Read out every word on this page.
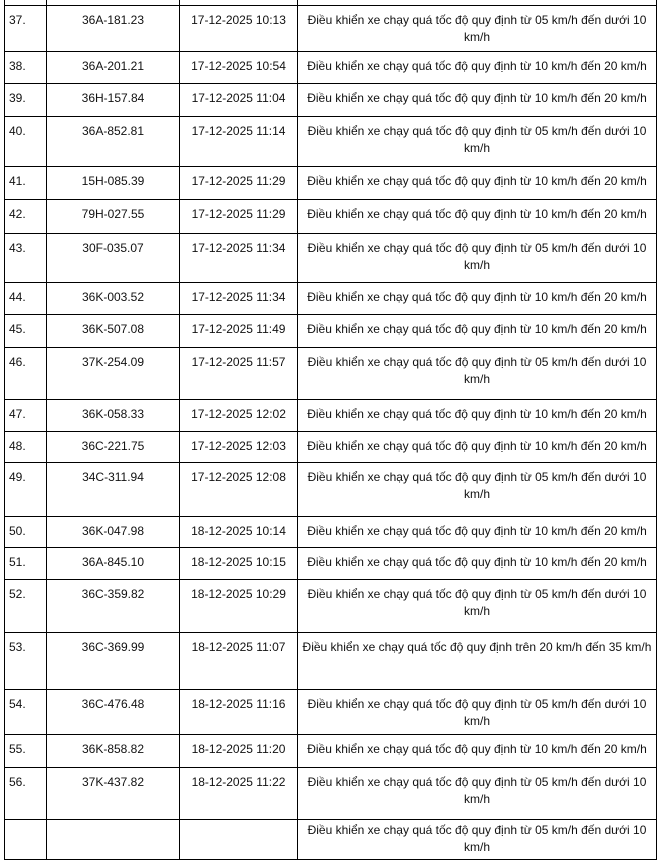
37.	36A-181.23	17-12-2025 10:13	Điều khiển xe chạy quá tốc độ quy định từ 05 km/h đến dưới 10 km/h
38.	36A-201.21	17-12-2025 10:54	Điều khiển xe chạy quá tốc độ quy định từ 10 km/h đến 20 km/h
39.	36H-157.84	17-12-2025 11:04	Điều khiển xe chạy quá tốc độ quy định từ 10 km/h đến 20 km/h
40.	36A-852.81	17-12-2025 11:14	Điều khiển xe chạy quá tốc độ quy định từ 05 km/h đến dưới 10 km/h
41.	15H-085.39	17-12-2025 11:29	Điều khiển xe chạy quá tốc độ quy định từ 10 km/h đến 20 km/h
42.	79H-027.55	17-12-2025 11:29	Điều khiển xe chạy quá tốc độ quy định từ 10 km/h đến 20 km/h
43.	30F-035.07	17-12-2025 11:34	Điều khiển xe chạy quá tốc độ quy định từ 05 km/h đến dưới 10 km/h
44.	36K-003.52	17-12-2025 11:34	Điều khiển xe chạy quá tốc độ quy định từ 10 km/h đến 20 km/h
45.	36K-507.08	17-12-2025 11:49	Điều khiển xe chạy quá tốc độ quy định từ 10 km/h đến 20 km/h
46.	37K-254.09	17-12-2025 11:57	Điều khiển xe chạy quá tốc độ quy định từ 05 km/h đến dưới 10 km/h
47.	36K-058.33	17-12-2025 12:02	Điều khiển xe chạy quá tốc độ quy định từ 10 km/h đến 20 km/h
48.	36C-221.75	17-12-2025 12:03	Điều khiển xe chạy quá tốc độ quy định từ 10 km/h đến 20 km/h
49.	34C-311.94	17-12-2025 12:08	Điều khiển xe chạy quá tốc độ quy định từ 05 km/h đến dưới 10 km/h
50.	36K-047.98	18-12-2025 10:14	Điều khiển xe chạy quá tốc độ quy định từ 10 km/h đến 20 km/h
51.	36A-845.10	18-12-2025 10:15	Điều khiển xe chạy quá tốc độ quy định từ 10 km/h đến 20 km/h
52.	36C-359.82	18-12-2025 10:29	Điều khiển xe chạy quá tốc độ quy định từ 05 km/h đến dưới 10 km/h
53.	36C-369.99	18-12-2025 11:07	Điều khiển xe chạy quá tốc độ quy định trên 20 km/h đến 35 km/h
54.	36C-476.48	18-12-2025 11:16	Điều khiển xe chạy quá tốc độ quy định từ 05 km/h đến dưới 10 km/h
55.	36K-858.82	18-12-2025 11:20	Điều khiển xe chạy quá tốc độ quy định từ 10 km/h đến 20 km/h
56.	37K-437.82	18-12-2025 11:22	Điều khiển xe chạy quá tốc độ quy định từ 05 km/h đến dưới 10 km/h
			Điều khiển xe chạy quá tốc độ quy định từ 05 km/h đến dưới 10 km/h
